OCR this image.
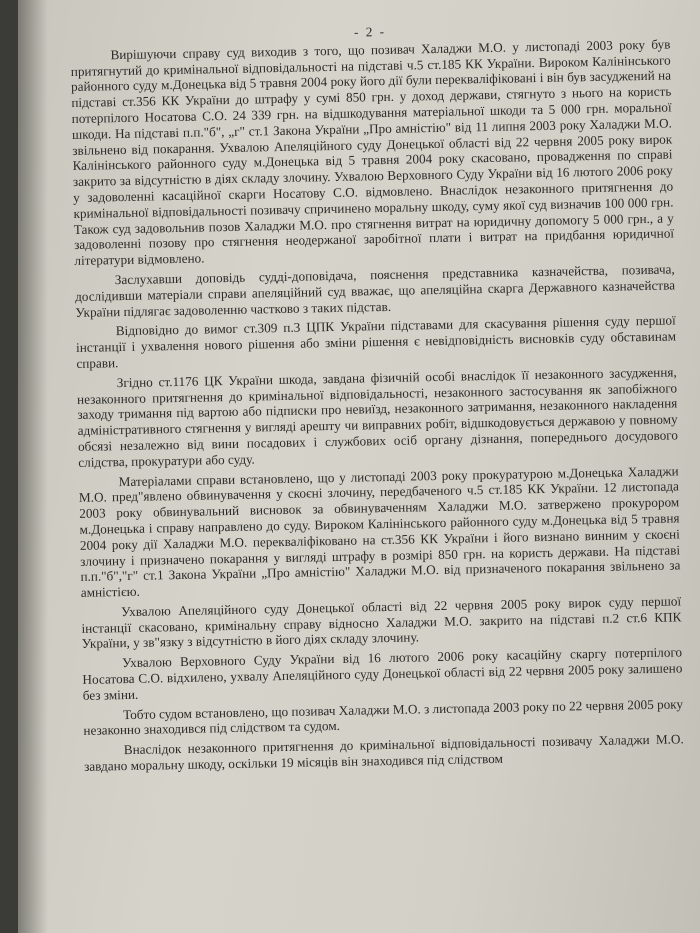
- 2 -

Вирішуючи справу суд виходив з того, що позивач Халаджи М.О. у листопаді 2003 року був притягнутий до кримінальної відповідальності на підставі ч.5 ст.185 КК України. Вироком Калінінського районного суду м.Донецька від 5 травня 2004 року його дії були перекваліфіковані і він був засуджений на підставі ст.356 КК України до штрафу у сумі 850 грн. у доход держави, стягнуто з нього на користь потерпілого Носатова С.О. 24 339 грн. на відшкодування матеріальної шкоди та 5 000 грн. моральної шкоди. На підставі п.п."б", „г" ст.1 Закона України „Про амністію" від 11 липня 2003 року Халаджи М.О. звільнено від покарання. Ухвалою Апеляційного суду Донецької області від 22 червня 2005 року вирок Калінінського районного суду м.Донецька від 5 травня 2004 року скасовано, провадження по справі закрито за відсутністю в діях складу злочину. Ухвалою Верховного Суду України від 16 лютого 2006 року у задоволенні касаційної скарги Носатову С.О. відмовлено. Внаслідок незаконного притягнення до кримінальної відповідальності позивачу спричинено моральну шкоду, суму якої суд визначив 100 000 грн. Також суд задовольнив позов Халаджи М.О. про стягнення витрат на юридичну допомогу 5 000 грн., а у задоволенні позову про стягнення неодержаної заробітної плати і витрат на придбання юридичної літератури відмовлено.

Заслухавши доповідь судді-доповідача, пояснення представника казначейства, позивача, дослідивши матеріали справи апеляційний суд вважає, що апеляційна скарга Державного казначейства України підлягає задоволенню частково з таких підстав.

Відповідно до вимог ст.309 п.3 ЦПК України підставами для скасування рішення суду першої інстанції і ухвалення нового рішення або зміни рішення є невідповідність висновків суду обставинам справи.

Згідно ст.1176 ЦК України шкода, завдана фізичній особі внаслідок її незаконного засудження, незаконного притягнення до кримінальної відповідальності, незаконного застосування як запобіжного заходу тримання під вартою або підписки про невиїзд, незаконного затримання, незаконного накладення адміністративного стягнення у вигляді арешту чи виправних робіт, відшкодовується державою у повному обсязі незалежно від вини посадових і службових осіб органу дізнання, попереднього досудового слідства, прокуратури або суду.

Матеріалами справи встановлено, що у листопаді 2003 року прокуратурою м.Донецька Халаджи М.О. пред"явлено обвинувачення у скоєні злочину, передбаченого ч.5 ст.185 КК України. 12 листопада 2003 року обвинувальний висновок за обвинуваченням Халаджи М.О. затвержено прокурором м.Донецька і справу направлено до суду. Вироком Калінінського районного суду м.Донецька від 5 травня 2004 року дії Халаджи М.О. перекваліфіковано на ст.356 КК України і його визнано винним у скоєні злочину і призначено покарання у вигляді штрафу в розмірі 850 грн. на користь держави. На підставі п.п."б","г" ст.1 Закона України „Про амністію" Халаджи М.О. від призначеного покарання звільнено за амністією.

Ухвалою Апеляційного суду Донецької області від 22 червня 2005 року вирок суду першої інстанції скасовано, кримінальну справу відносно Халаджи М.О. закрито на підставі п.2 ст.6 КПК України, у зв"язку з відсутністю в його діях складу злочину.

Ухвалою Верховного Суду України від 16 лютого 2006 року касаційну скаргу потерпілого Носатова С.О. відхилено, ухвалу Апеляційного суду Донецької області від 22 червня 2005 року залишено без зміни.

Тобто судом встановлено, що позивач Халаджи М.О. з листопада 2003 року по 22 червня 2005 року незаконно знаходився під слідством та судом.

Внаслідок незаконного притягнення до кримінальної відповідальності позивачу Халаджи М.О. завдано моральну шкоду, оскільки 19 місяців він знаходився під слідством
